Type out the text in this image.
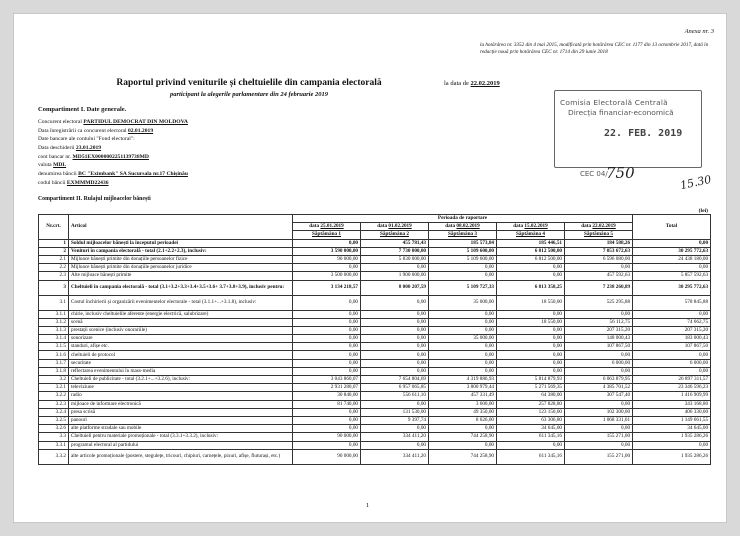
Anexa nr. 3
la hotărârea nr. 3352 din 4 mai 2015, modificată prin hotărârea CEC nr. 1177 din 13 octombrie 2017, dată în redacție nouă prin hotărârea CEC nr. 1714 din 29 iunie 2018
Raportul privind veniturile și cheltuielile din campania electorală
participant la alegerile parlamentare din 24 februarie 2019
la data de 22.02.2019
Compartiment I. Date generale.
Concurent electoral PARTIDUL DEMOCRAT DIN MOLDOVA
Data înregistrării ca concurent electoral 02.01.2019
Date bancare ale contului "Fond electoral":
Data deschiderii 23.01.2019
cont bancar nr. MD51EX0000002251139738MD
valuta MDL
denumirea băncii BC "Eximbank" SA Sucursala nr.17 Chișinău
codul băncii EXMMMD22436
Comisia Electorală Centrală
Direcția financiar-economică
22. FEB. 2019
CEC 04/
750	15.30
Compartiment II. Rulajul mijloacelor bănești
(lei)
Nr.crt.	Articol	Perioada de raportare					Total
		data 25.01.2019	data 01.02.2019	data 08.02.2019	data 15.02.2019	data 22.02.2019	
		Săptămâna 1	Săptămâna 2	Săptămâna 3	Săptămâna 4	Săptămâna 5	
1	Soldul mijloacelor bănești la începutul perioadei	0,00	455 781,43	185 573,84	185 446,51	184 588,26	0,00
2	Venituri în campania electorală - total (2.1+2.2+2.3), inclusiv:	3 590 000,00	7 730 000,00	5 109 600,00	6 812 500,00	7 053 672,63	30 295 772,63
2.1	Mijloace bănești primite din donațiile persoanelor fizice	90 000,00	5 830 000,00	5 109 600,00	6 812 500,00	6 596 080,00	24 438 180,00
2.2	Mijloace bănești primite din donațiile persoanelor juridice	0,00	0,00	0,00	0,00	0,00	0,00
2.3	Alte mijloace bănești primite	3 500 000,00	1 900 000,00	0,00	0,00	457 592,63	5 857 592,63
3	Cheltuieli în campania electorală - total (3.1+3.2+3.3+3.4+3.5+3.6+ 3.7+3.8+3.9), inclusiv pentru:	3 134 218,57	8 000 207,59	5 109 727,33	6 813 358,25	7 238 260,89	30 295 772,63
3.1	Costul închirierii și organizării evenimentelor electorale - total (3.1.1+...+3.1.8), inclusiv:	0,00	0,00	35 000,00	18 550,00	525 295,88	578 845,88
3.1.1	chirie, inclusiv cheltuielile aferente (energie electrică, salubrizare)	0,00	0,00	0,00	0,00	0,00	0,00
3.1.2	scenă	0,00	0,00	0,00	18 550,00	56 112,75	74 662,75
3.1.3	prestații scenice (inclusiv onorariile)	0,00	0,00	0,00	0,00	207 315,20	207 315,20
3.1.4	sonorizare	0,00	0,00	35 000,00	0,00	148 000,43	183 000,43
3.1.5	standuri, afișe etc.	0,00	0,00	0,00	0,00	107 867,50	107 867,50
3.1.6	cheltuieli de protocol	0,00	0,00	0,00	0,00	0,00	0,00
3.1.7	securitate	0,00	0,00	0,00	0,00	6 000,00	6 000,00
3.1.8	reflectarea evenimentului în mass-media	0,00	0,00	0,00	0,00	0,00	0,00
3.2	Cheltuieli de publicitate - total (3.2.1+...+3.2.6), inclusiv:	3 043 860,07	7 654 804,69	4 319 886,93	5 814 879,93	6 063 879,95	26 897 311,57
3.2.1	televiziune	2 931 280,07	6 957 065,85	3 800 979,44	5 271 569,35	4 385 701,52	23 346 596,23
3.2.2	radio	30 840,00	556 611,10	457 331,49	64 380,00	307 547,40	1 416 909,99
3.2.3	mijloace de informare electronică	81 740,00	0,00	3 600,00	257 828,80	0,00	343 168,80
3.2.4	presa scrisă	0,00	131 530,00	49 350,00	123 150,00	102 300,00	406 330,00
3.2.5	panouri	0,00	9 397,74	8 626,00	63 306,80	1 068 331,01	1 149 661,55
3.2.6	alte platforme stradale sau mobile	0,00	0,00	0,00	34 645,00	0,00	34 645,00
3.3	Cheltuieli pentru materiale promoționale - total (3.3.1+3.3.2), inclusiv:	90 000,00	334 411,20	744 258,90	611 345,16	155 271,00	1 935 286,26
3.3.1	programul electoral al partidului	0,00	0,00	0,00	0,00	0,00	0,00
3.3.2	alte articole promoționale (postere, stegulețe, tricouri, chipiuri, carnețele, pixuri, afișe, fluturași, etc.)	90 000,00	334 411,20	744 258,90	611 345,16	155 271,00	1 935 286,26
1
